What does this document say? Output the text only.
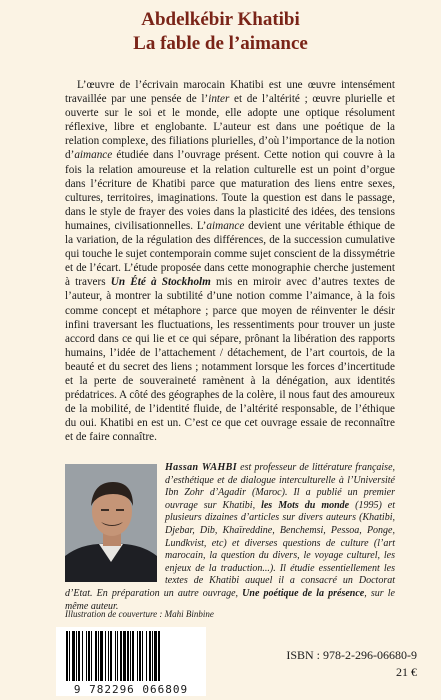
Abdelkébir Khatibi
La fable de l’aimance
L’œuvre de l’écrivain marocain Khatibi est une œuvre intensément travaillée par une pensée de l’inter et de l’altérité ; œuvre plurielle et ouverte sur le soi et le monde, elle adopte une optique résolument réflexive, libre et englobante. L’auteur est dans une poétique de la relation complexe, des filiations plurielles, d’où l’importance de la notion d’aimance étudiée dans l’ouvrage présent. Cette notion qui couvre à la fois la relation amoureuse et la relation culturelle est un point d’orgue dans l’écriture de Khatibi parce que maturation des liens entre sexes, cultures, territoires, imaginations. Toute la question est dans le passage, dans le style de frayer des voies dans la plasticité des idées, des tensions humaines, civilisationnelles. L’aimance devient une véritable éthique de la variation, de la régulation des différences, de la succession cumulative qui touche le sujet contemporain comme sujet conscient de la dissymétrie et de l’écart. L’étude proposée dans cette monographie cherche justement à travers Un Été à Stockholm mis en miroir avec d’autres textes de l’auteur, à montrer la subtilité d’une notion comme l’aimance, à la fois comme concept et métaphore ; parce que moyen de réinventer le désir infini traversant les fluctuations, les ressentiments pour trouver un juste accord dans ce qui lie et ce qui sépare, prônant la libération des rapports humains, l’idée de l’attachement / détachement, de l’art courtois, de la beauté et du secret des liens ; notamment lorsque les forces d’incertitude et la perte de souveraineté ramènent à la dénégation, aux identités prédatrices. A côté des géographes de la colère, il nous faut des amoureux de la mobilité, de l’identité fluide, de l’altérité responsable, de l’éthique du oui. Khatibi en est un. C’est ce que cet ouvrage essaie de reconnaître et de faire connaître.
Hassan WAHBI est professeur de littérature française, d’esthétique et de dialogue interculturelle à l’Université Ibn Zohr d’Agadir (Maroc). Il a publié un premier ouvrage sur Khatibi, les Mots du monde (1995) et plusieurs dizaines d’articles sur divers auteurs (Khatibi, Djebar, Dib, Khaïreddine, Benchemsi, Pessoa, Ponge, Lundkvist, etc) et diverses questions de culture (l’art marocain, la question du divers, le voyage culturel, les enjeux de la traduction...). Il étudie essentiellement les textes de Khatibi auquel il a consacré un Doctorat d’Etat. En préparation un autre ouvrage, Une poétique de la présence, sur le même auteur.
Illustration de couverture : Mahi Binbine
9 782296 066809
ISBN : 978-2-296-06680-9
21 €
